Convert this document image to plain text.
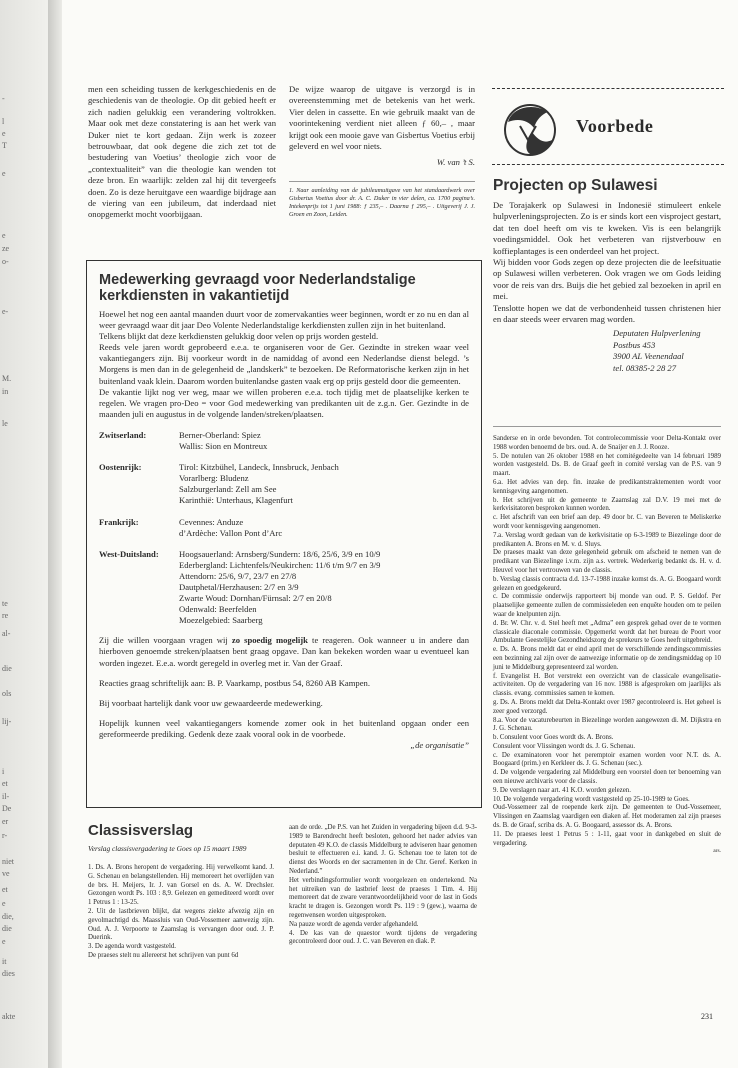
-
l
e
T
e
e
ze
o-
e-
M.
in
le
te
re
al-
die
ols
lij-
i
et
il-
De
er
r-
niet
ve
et
e
die,
die
e
it
dies
akte

men een scheiding tussen de kerkgeschiedenis en de geschiedenis van de theologie. Op dit gebied heeft er zich nadien gelukkig een verandering voltrokken. Maar ook met deze constatering is aan het werk van Duker niet te kort gedaan. Zijn werk is zozeer betrouwbaar, dat ook degene die zich zet tot de bestudering van Voetius’ theologie zich voor de „contextualiteit” van die theologie kan wenden tot deze bron. En waarlijk: zelden zal hij dit tevergeefs doen. Zo is deze heruitgave een waardige bijdrage aan de viering van een jubileum, dat inderdaad niet onopgemerkt mocht voorbijgaan.

De wijze waarop de uitgave is verzorgd is in overeenstemming met de betekenis van het werk. Vier delen in cassette. En wie gebruik maakt van de voorintekening verdient niet alleen ƒ 60,– , maar krijgt ook een mooie gave van Gisbertus Voetius erbij geleverd en wel voor niets.

W. van ’t S.

1. Naar aanleiding van de jubileumuitgave van het standaardwerk over Gisbertus Voetius door dr. A. C. Duker in vier delen, ca. 1700 pagina’s. Intekenprijs tot 1 juni 1988: ƒ 235,– . Daarna ƒ 295,– . Uitgeverij J. J. Groen en Zoon, Leiden.

Medewerking gevraagd voor Nederlandstalige kerkdiensten in vakantietijd

Hoewel het nog een aantal maanden duurt voor de zomervakanties weer beginnen, wordt er zo nu en dan al weer gevraagd waar dit jaar Deo Volente Nederlandstalige kerkdiensten zullen zijn in het buitenland.

Telkens blijkt dat deze kerkdiensten gelukkig door velen op prijs worden gesteld.

Reeds vele jaren wordt geprobeerd e.e.a. te organiseren voor de Ger. Gezindte in streken waar veel vakantiegangers zijn. Bij voorkeur wordt in de namiddag of avond een Nederlandse dienst belegd. ’s Morgens is men dan in de gelegenheid de „landskerk” te bezoeken. De Reformatorische kerken zijn in het buitenland vaak klein. Daarom worden buitenlandse gasten vaak erg op prijs gesteld door die gemeenten.

De vakantie lijkt nog ver weg, maar we willen proberen e.e.a. toch tijdig met de plaatselijke kerken te regelen. We vragen pro-Deo = voor God medewerking van predikanten uit de z.g.n. Ger. Gezindte in de maanden juli en augustus in de volgende landen/streken/plaatsen.

Zwitserland:	Berner-Oberland: Spiez
Wallis: Sion en Montreux
Oostenrijk:	Tirol: Kitzbühel, Landeck, Innsbruck, Jenbach
Vorarlberg: Bludenz
Salzburgerland: Zell am See
Karinthië: Unterhaus, Klagenfurt
Frankrijk:	Cevennes: Anduze
d’Ardèche: Vallon Pont d’Arc
West-Duitsland:	Hoogsauerland: Arnsberg/Sundern: 18/6, 25/6, 3/9 en 10/9
Ederbergland: Lichtenfels/Neukirchen: 11/6 t/m 9/7 en 3/9
Attendorn: 25/6, 9/7, 23/7 en 27/8
Dautphetal/Herzhausen: 2/7 en 3/9
Zwarte Woud: Dornhan/Fürnsal: 2/7 en 20/8
Odenwald: Beerfelden
Moezelgebied: Saarberg

Zij die willen voorgaan vragen wij zo spoedig mogelijk te reageren. Ook wanneer u in andere dan hierboven genoemde streken/plaatsen bent graag opgave. Dan kan bekeken worden waar u eventueel kan worden ingezet. E.e.a. wordt geregeld in overleg met ir. Van der Graaf.

Reacties graag schriftelijk aan: B. P. Vaarkamp, postbus 54, 8260 AB Kampen.

Bij voorbaat hartelijk dank voor uw gewaardeerde medewerking.

Hopelijk kunnen veel vakantiegangers komende zomer ook in het buitenland opgaan onder een gereformeerde prediking. Gedenk deze zaak vooral ook in de voorbede.

„de organisatie”

Classisverslag
Verslag classisvergadering te Goes op 15 maart 1989

1. Ds. A. Brons heropent de vergadering. Hij verwelkomt kand. J. G. Schenau en belangstellenden. Hij memoreert het overlijden van de brs. H. Meijers, Ir. J. van Gorsel en ds. A. W. Drechsler. Gezongen wordt Ps. 103 : 8,9. Gelezen en gemediteerd wordt over 1 Petrus 1 : 13-25.

2. Uit de lastbrieven blijkt, dat wegens ziekte afwezig zijn en gevolmachtigd ds. Maassluis van Oud-Vossemeer aanwezig zijn. Oud. A. J. Verpoorte te Zaamslag is vervangen door oud. J. P. Duerink.

3. De agenda wordt vastgesteld.

De praeses stelt nu allereerst het schrijven van punt 6d

aan de orde. „De P.S. van het Zuiden in vergadering bijeen d.d. 9-3-1989 te Barendrecht heeft besloten, gehoord het nader advies van deputaten 49 K.O. de classis Middelburg te adviseren haar genomen besluit te effectueren e.i. kand. J. G. Schenau toe te laten tot de dienst des Woords en der sacramenten in de Chr. Geref. Kerken in Nederland.”

Het verbindingsformulier wordt voorgelezen en ondertekend. Na het uitreiken van de lastbrief leest de praeses 1 Tim. 4. Hij memoreert dat de zware verantwoordelijkheid voor de last in Gods kracht te dragen is. Gezongen wordt Ps. 119 : 9 (gew.), waarna de regenwensen worden uitgesproken.

Na pauze wordt de agenda verder afgehandeld.

4. De kas van de quaestor wordt tijdens de vergadering gecontroleerd door oud. J. C. van Beveren en diak. P.

Voorbede
Projecten op Sulawesi

De Torajakerk op Sulawesi in Indonesië stimuleert enkele hulpverleningsprojecten. Zo is er sinds kort een visproject gestart, dat ten doel heeft om vis te kweken. Vis is een belangrijk voedingsmiddel. Ook het verbeteren van rijstverbouw en koffieplantages is een onderdeel van het project.

Wij bidden voor Gods zegen op deze projecten die de leefsituatie op Sulawesi willen verbeteren. Ook vragen we om Gods leiding voor de reis van drs. Buijs die het gebied zal bezoeken in april en mei.

Tenslotte hopen we dat de verbondenheid tussen christenen hier en daar steeds weer ervaren mag worden.

Deputaten Hulpverlening
Postbus 453
3900 AL Veenendaal
tel. 08385-2 28 27

Sanderse en in orde bevonden. Tot controlecommissie voor Delta-Kontakt over 1988 worden benoemd de brs. oud. A. de Snaijer en J. J. Rooze.

5. De notulen van 26 oktober 1988 en het comitégedeelte van 14 februari 1989 worden vastgesteld. Ds. B. de Graaf geeft in comité verslag van de P.S. van 9 maart.

6.a. Het advies van dep. fin. inzake de predikantstraktementen wordt voor kennisgeving aangenomen.

b. Het schrijven uit de gemeente te Zaamslag zal D.V. 19 mei met de kerkvisitatoren besproken kunnen worden.

c. Het afschrift van een brief aan dep. 49 door br. C. van Beveren te Meliskerke wordt voor kennisgeving aangenomen.

7.a. Verslag wordt gedaan van de kerkvisitatie op 6-3-1989 te Biezelinge door de predikanten A. Brons en M. v. d. Sluys.

De praeses maakt van deze gelegenheid gebruik om afscheid te nemen van de predikant van Biezelinge i.v.m. zijn a.s. vertrek. Wederkerig bedankt ds. H. v. d. Heuvel voor het vertrouwen van de classis.

b. Verslag classis contracta d.d. 13-7-1988 inzake komst ds. A. G. Boogaard wordt gelezen en goedgekeurd.

c. De commissie onderwijs rapporteert bij monde van oud. P. S. Geldof. Per plaatselijke gemeente zullen de commissieleden een enquête houden om te peilen waar de knelpunten zijn.

d. Br. W. Chr. v. d. Stel heeft met „Adma” een gesprek gehad over de te vormen classicale diaconale commissie. Opgemerkt wordt dat het bureau de Poort voor Ambulante Geestelijke Gezondheidszorg de sprekeurs te Goes heeft uitgebreid.

e. Ds. A. Brons meldt dat er eind april met de verschillende zendingscommissies een bezinning zal zijn over de aanwezige informatie op de zendingsmiddag op 10 juni te Middelburg gepresenteerd zal worden.

f. Evangelist H. Bot verstrekt een overzicht van de classicale evangelisatie-activiteiten. Op de vergadering van 16 nov. 1988 is afgesproken om jaarlijks als classis. evang. commissies samen te komen.

g. Ds. A. Brons meldt dat Delta-Kontakt over 1987 gecontroleerd is. Het geheel is zeer goed verzorgd.

8.a. Voor de vacaturebeurten in Biezelinge worden aangewezen di. M. Dijkstra en J. G. Schenau.

b. Consulent voor Goes wordt ds. A. Brons.

Consulent voor Vlissingen wordt ds. J. G. Schenau.

c. De examinatoren voor het peremptoir examen worden voor N.T. ds. A. Boogaard (prim.) en Kerkleer ds. J. G. Schenau (sec.).

d. De volgende vergadering zal Middelburg een voorstel doen ter benoeming van een nieuwe archivaris voor de classis.

9. De verslagen naar art. 41 K.O. worden gelezen.

10. De volgende vergadering wordt vastgesteld op 25-10-1989 te Goes.

Oud-Vossemeer zal de roepende kerk zijn. De gemeenten te Oud-Vossemeer, Vlissingen en Zaamslag vaardigen een diaken af. Het moderamen zal zijn praeses ds. B. de Graaf, scriba ds. A. G. Boogaard, assessor ds. A. Brons.

11. De praeses leest 1 Petrus 5 : 1-11, gaat voor in dankgebed en sluit de vergadering.

ars.
231
